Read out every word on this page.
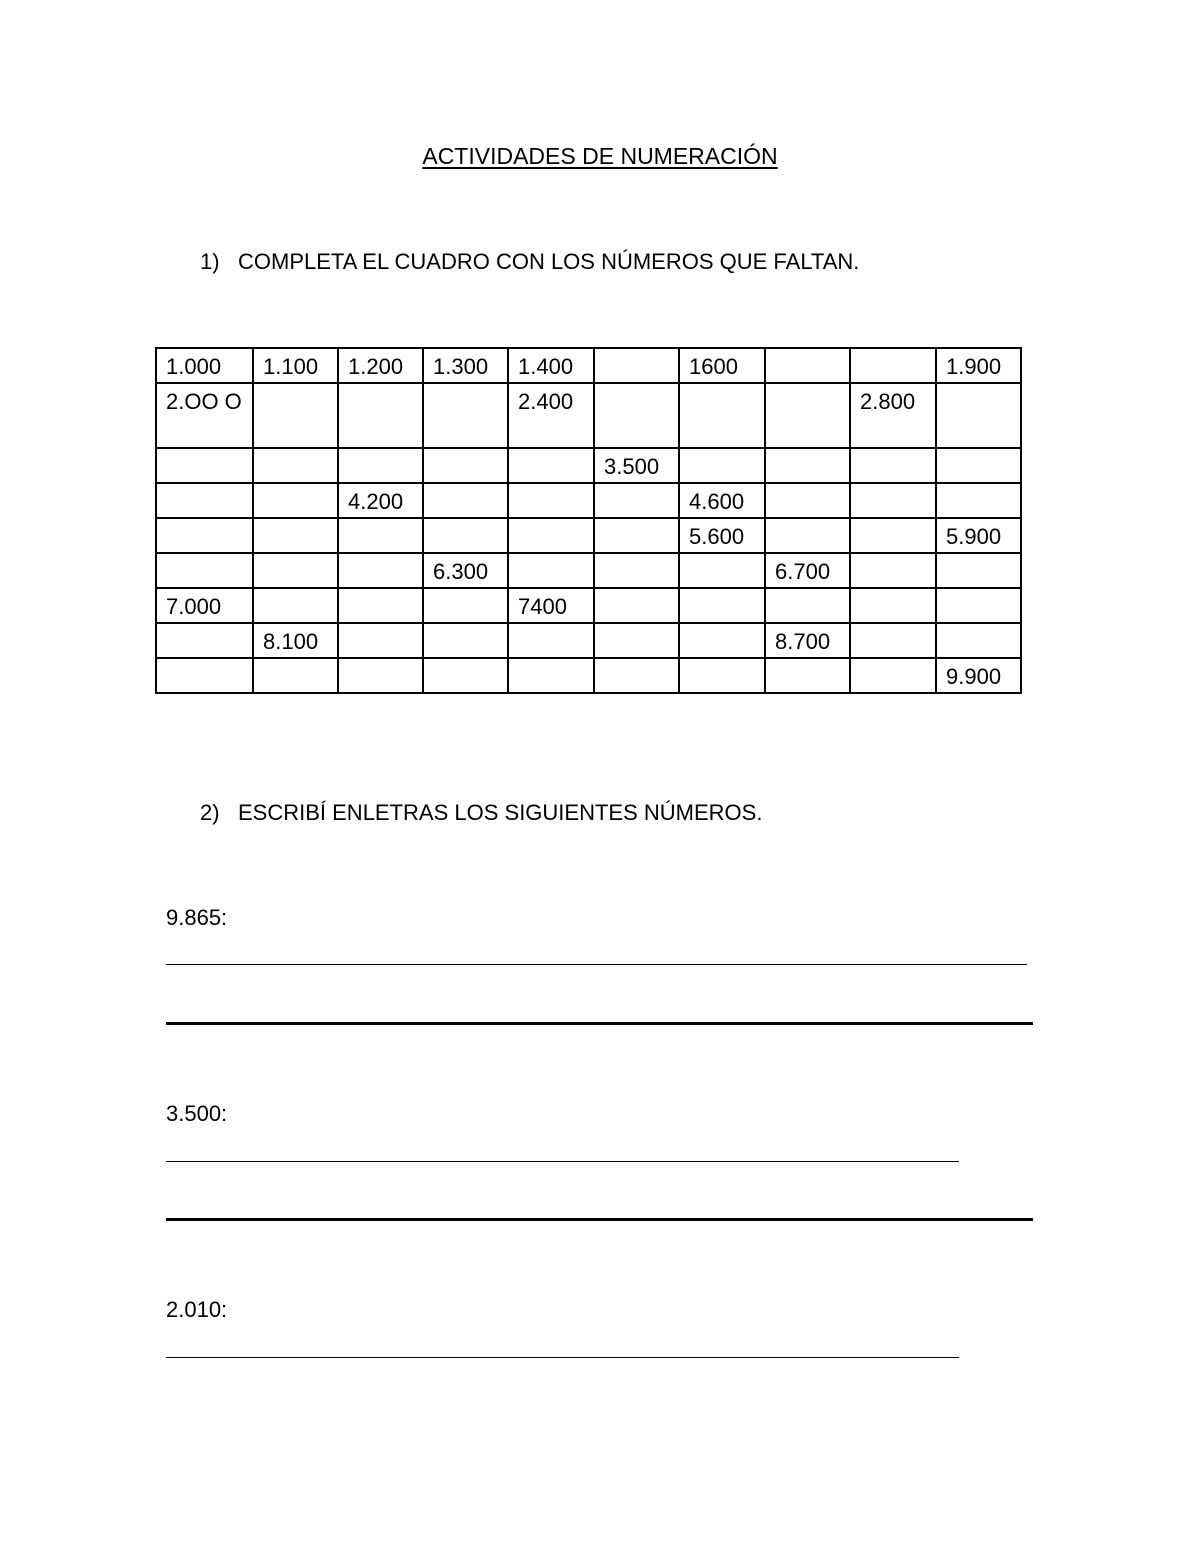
ACTIVIDADES DE NUMERACIÓN
1) COMPLETA EL CUADRO CON LOS NÚMEROS QUE FALTAN.
1.000	1.100	1.200	1.300	1.400		1600			1.900
2.OO O				2.400				2.800	
					3.500				
		4.200				4.600			
						5.600			5.900
			6.300				6.700		
7.000				7400					
	8.100						8.700		
									9.900
2) ESCRIBÍ ENLETRAS LOS SIGUIENTES NÚMEROS.
9.865:
3.500:
2.010:
